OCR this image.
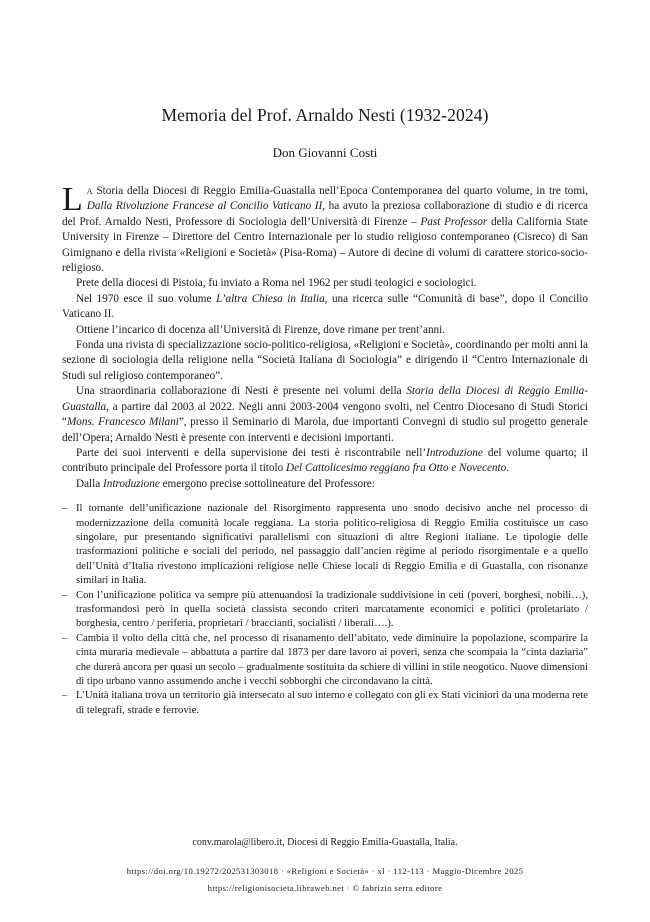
Memoria del Prof. Arnaldo Nesti (1932-2024)
Don Giovanni Costi

La Storia della Diocesi di Reggio Emilia-Guastalla nell’Epoca Contemporanea del quarto volume, in tre tomi, Dalla Rivoluzione Francese al Concilio Vaticano II, ha avuto la preziosa collaborazione di studio e di ricerca del Prof. Arnaldo Nesti, Professore di Sociologia dell’Università di Firenze – Past Professor della California State University in Firenze – Direttore del Centro Internazionale per lo studio religioso contemporaneo (Cisreco) di San Gimignano e della rivista «Religioni e Società» (Pisa-Roma) – Autore di decine di volumi di carattere storico-socio-religioso.

Prete della diocesi di Pistoia, fu inviato a Roma nel 1962 per studi teologici e sociologici.

Nel 1970 esce il suo volume L’altra Chiesa in Italia, una ricerca sulle “Comunità di base”, dopo il Concilio Vaticano II.

Ottiene l’incarico di docenza all’Università di Firenze, dove rimane per trent’anni.

Fonda una rivista di specializzazione socio-politico-religiosa, «Religioni e Società», coordinando per molti anni la sezione di sociologia della religione nella “Società Italiana di Sociologia” e dirigendo il “Centro Internazionale di Studi sul religioso contemporaneo”.

Una straordinaria collaborazione di Nesti è presente nei volumi della Storia della Diocesi di Reggio Emilia-Guastalla, a partire dal 2003 al 2022. Negli anni 2003-2004 vengono svolti, nel Centro Diocesano di Studi Storici “Mons. Francesco Milani”, presso il Seminario di Marola, due importanti Convegni di studio sul progetto generale dell’Opera; Arnaldo Nesti è presente con interventi e decisioni importanti.

Parte dei suoi interventi e della supervisione dei testi è riscontrabile nell’Introduzione del volume quarto; il contributo principale del Professore porta il titolo Del Cattolicesimo reggiano fra Otto e Novecento.

Dalla Introduzione emergono precise sottolineature del Professore:

– Il tornante dell’unificazione nazionale del Risorgimento rappresenta uno snodo decisivo anche nel processo di modernizzazione della comunità locale reggiana. La storia politico-religiosa di Reggio Emilia costituisce un caso singolare, pur presentando significativi parallelismi con situazioni di altre Regioni italiane. Le tipologie delle trasformazioni politiche e sociali del periodo, nel passaggio dall’ancien régime al periodo risorgimentale e a quello dell’Unità d’Italia rivestono implicazioni religiose nelle Chiese locali di Reggio Emilia e di Guastalla, con risonanze similari in Italia.
– Con l’unificazione politica va sempre più attenuandosi la tradizionale suddivisione in ceti (poveri, borghesi, nobili…), trasformandosi però in quella società classista secondo criteri marcatamente economici e politici (proletariato / borghesia, centro / periferia, proprietari / braccianti, socialisti / liberali….).
– Cambia il volto della città che, nel processo di risanamento dell’abitato, vede diminuire la popolazione, scomparire la cinta muraria medievale – abbattuta a partire dal 1873 per dare lavoro ai poveri, senza che scompaia la “cinta daziaria” che durerà ancora per quasi un secolo – gradualmente sostituita da schiere di villini in stile neogotico. Nuove dimensioni di tipo urbano vanno assumendo anche i vecchi sobborghi che circondavano la città.
– L’Unità italiana trova un territorio già intersecato al suo interno e collegato con gli ex Stati viciniori da una moderna rete di telegrafi, strade e ferrovie.
conv.marola@libero.it, Diocesi di Reggio Emilia-Guastalla, Italia.
https://doi.org/10.19272/202531303018 · «Religioni e Società» · xl · 112-113 · Maggio-Dicembre 2025
https://religionisocieta.libraweb.net · © fabrizio serra editore
